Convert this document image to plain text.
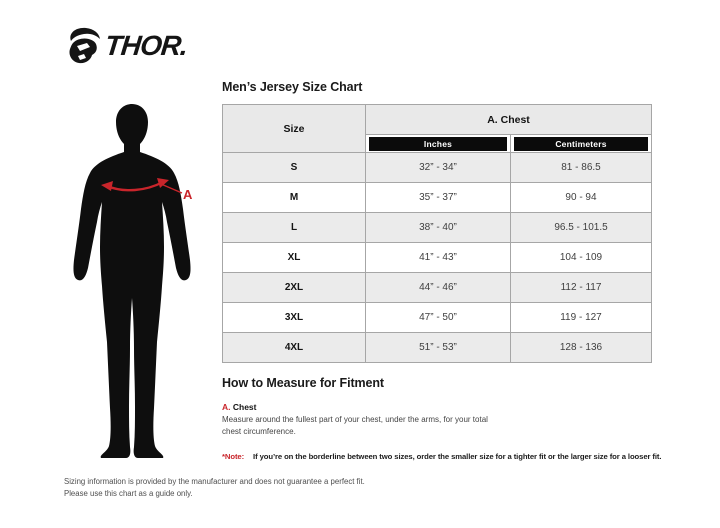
THOR.
A
Men’s Jersey Size Chart
Size	A. Chest	

	Inches	Centimeters

S	32” - 34”	81 - 86.5
M	35” - 37”	90 - 94
L	38” - 40”	96.5 - 101.5
XL	41” - 43”	104 - 109
2XL	44” - 46”	112 - 117
3XL	47” - 50”	119 - 127
4XL	51” - 53”	128 - 136
How to Measure for Fitment
A. Chest
Measure around the fullest part of your chest, under the arms, for your total chest circumference.
*Note: If you’re on the borderline between two sizes, order the smaller size for a tighter fit or the larger size for a looser fit.
Sizing information is provided by the manufacturer and does not guarantee a perfect fit.
Please use this chart as a guide only.
